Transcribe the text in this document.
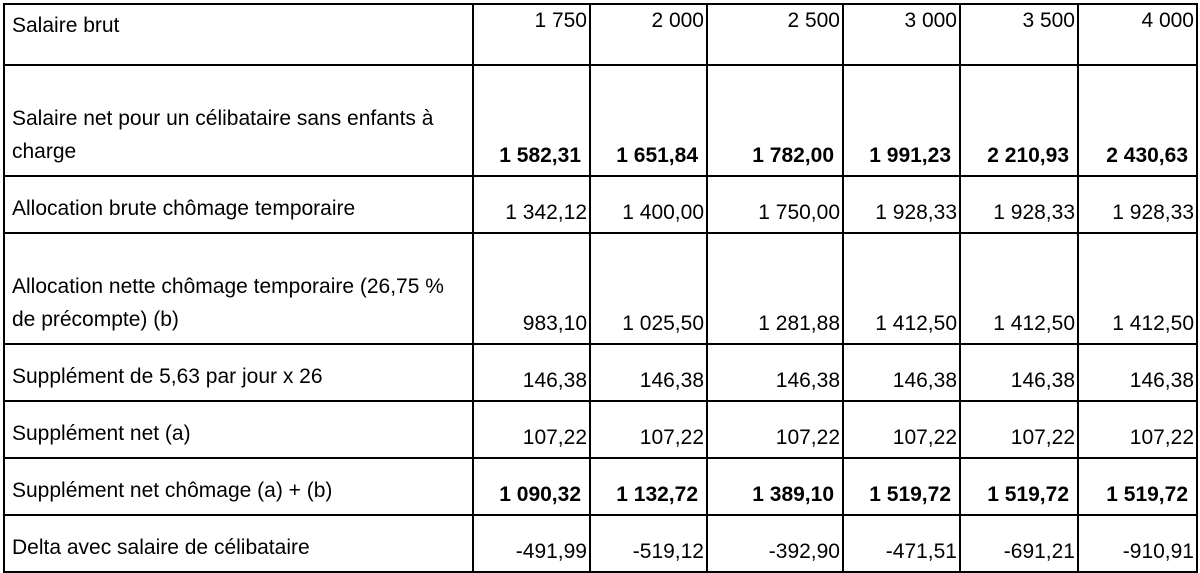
Salaire brut	1 750	2 000	2 500	3 000	3 500	4 000
Salaire net pour un célibataire sans enfants à charge	1 582,31	1 651,84	1 782,00	1 991,23	2 210,93	2 430,63
Allocation brute chômage temporaire	1 342,12	1 400,00	1 750,00	1 928,33	1 928,33	1 928,33
Allocation nette chômage temporaire (26,75 % de précompte) (b)	983,10	1 025,50	1 281,88	1 412,50	1 412,50	1 412,50
Supplément de 5,63 par jour x 26	146,38	146,38	146,38	146,38	146,38	146,38
Supplément net (a)	107,22	107,22	107,22	107,22	107,22	107,22
Supplément net chômage (a) + (b)	1 090,32	1 132,72	1 389,10	1 519,72	1 519,72	1 519,72
Delta avec salaire de célibataire	-491,99	-519,12	-392,90	-471,51	-691,21	-910,91
